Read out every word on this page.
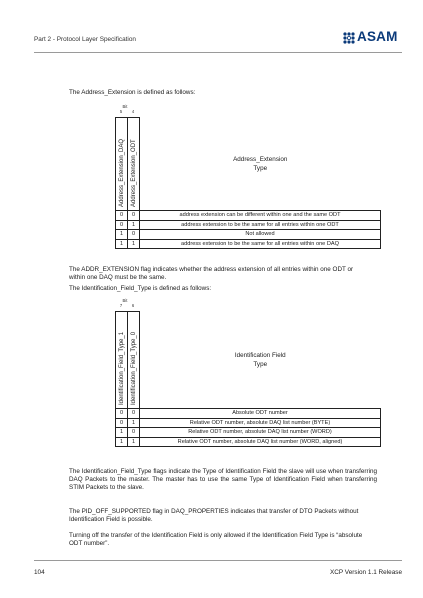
Part 2 - Protocol Layer Specification	ASAM
The Address_Extension is defined as follows:
Bit
5	4
Address_Extension_DAQ	Address_Extension_ODT	Address_Extension
Type

0	0	address extension can be different within one and the same ODT
0	1	address extension to be the same for all entries within one ODT
1	0	Not allowed
1	1	address extension to be the same for all entries within one DAQ
The ADDR_EXTENSION flag indicates whether the address extension of all entries within one ODT or within one DAQ must be the same.
The Identification_Field_Type is defined as follows:
Bit
7	6
Identification_Field_Type_1	Identification_Field_Type_0	Identification Field
Type

0	0	Absolute ODT number
0	1	Relative ODT number, absolute DAQ list number (BYTE)
1	0	Relative ODT number, absolute DAQ list number (WORD)
1	1	Relative ODT number, absolute DAQ list number (WORD, aligned)
The Identification_Field_Type flags indicate the Type of Identification Field the slave will use when transferring DAQ Packets to the master. The master has to use the same Type of Identification Field when transferring STIM Packets to the slave.
The PID_OFF_SUPPORTED flag in DAQ_PROPERTIES indicates that transfer of DTO Packets without Identification Field is possible.
Turning off the transfer of the Identification Field is only allowed if the Identification Field Type is “absolute ODT number”.
104	XCP Version 1.1 Release
